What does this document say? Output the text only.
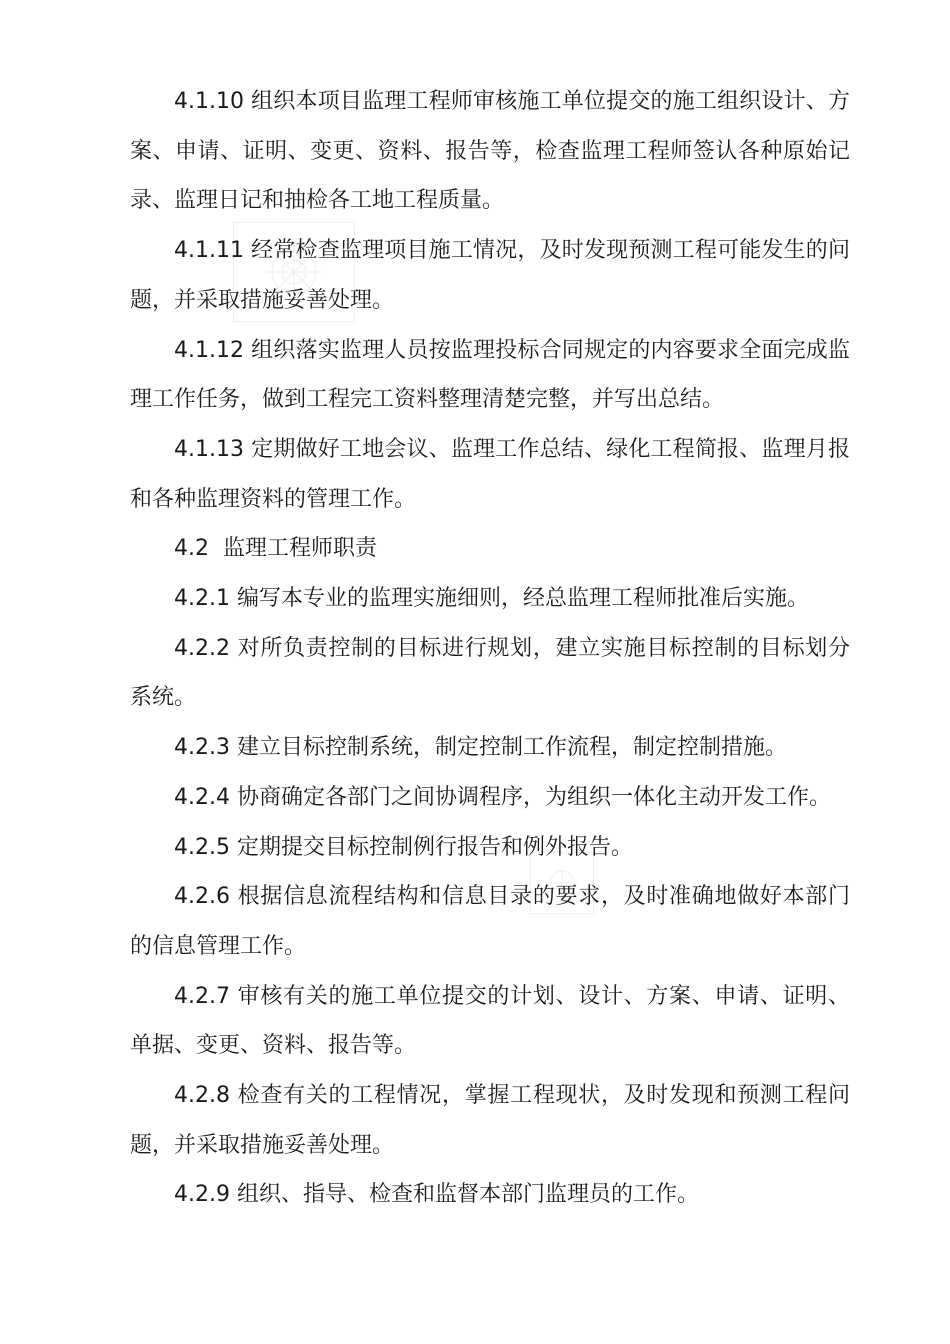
4.1.10 组织本项目监理工程师审核施工单位提交的施工组织设计、方案、申请、证明、变更、资料、报告等，检查监理工程师签认各种原始记录、监理日记和抽检各工地工程质量。

4.1.11 经常检查监理项目施工情况，及时发现预测工程可能发生的问题，并采取措施妥善处理。

4.1.12 组织落实监理人员按监理投标合同规定的内容要求全面完成监理工作任务，做到工程完工资料整理清楚完整，并写出总结。

4.1.13 定期做好工地会议、监理工作总结、绿化工程简报、监理月报和各种监理资料的管理工作。

4.2  监理工程师职责

4.2.1 编写本专业的监理实施细则，经总监理工程师批准后实施。

4.2.2 对所负责控制的目标进行规划，建立实施目标控制的目标划分系统。

4.2.3 建立目标控制系统，制定控制工作流程，制定控制措施。

4.2.4 协商确定各部门之间协调程序，为组织一体化主动开发工作。

4.2.5 定期提交目标控制例行报告和例外报告。

4.2.6 根据信息流程结构和信息目录的要求，及时准确地做好本部门的信息管理工作。

4.2.7 审核有关的施工单位提交的计划、设计、方案、申请、证明、单据、变更、资料、报告等。

4.2.8 检查有关的工程情况，掌握工程现状，及时发现和预测工程问题，并采取措施妥善处理。

4.2.9 组织、指导、检查和监督本部门监理员的工作。
